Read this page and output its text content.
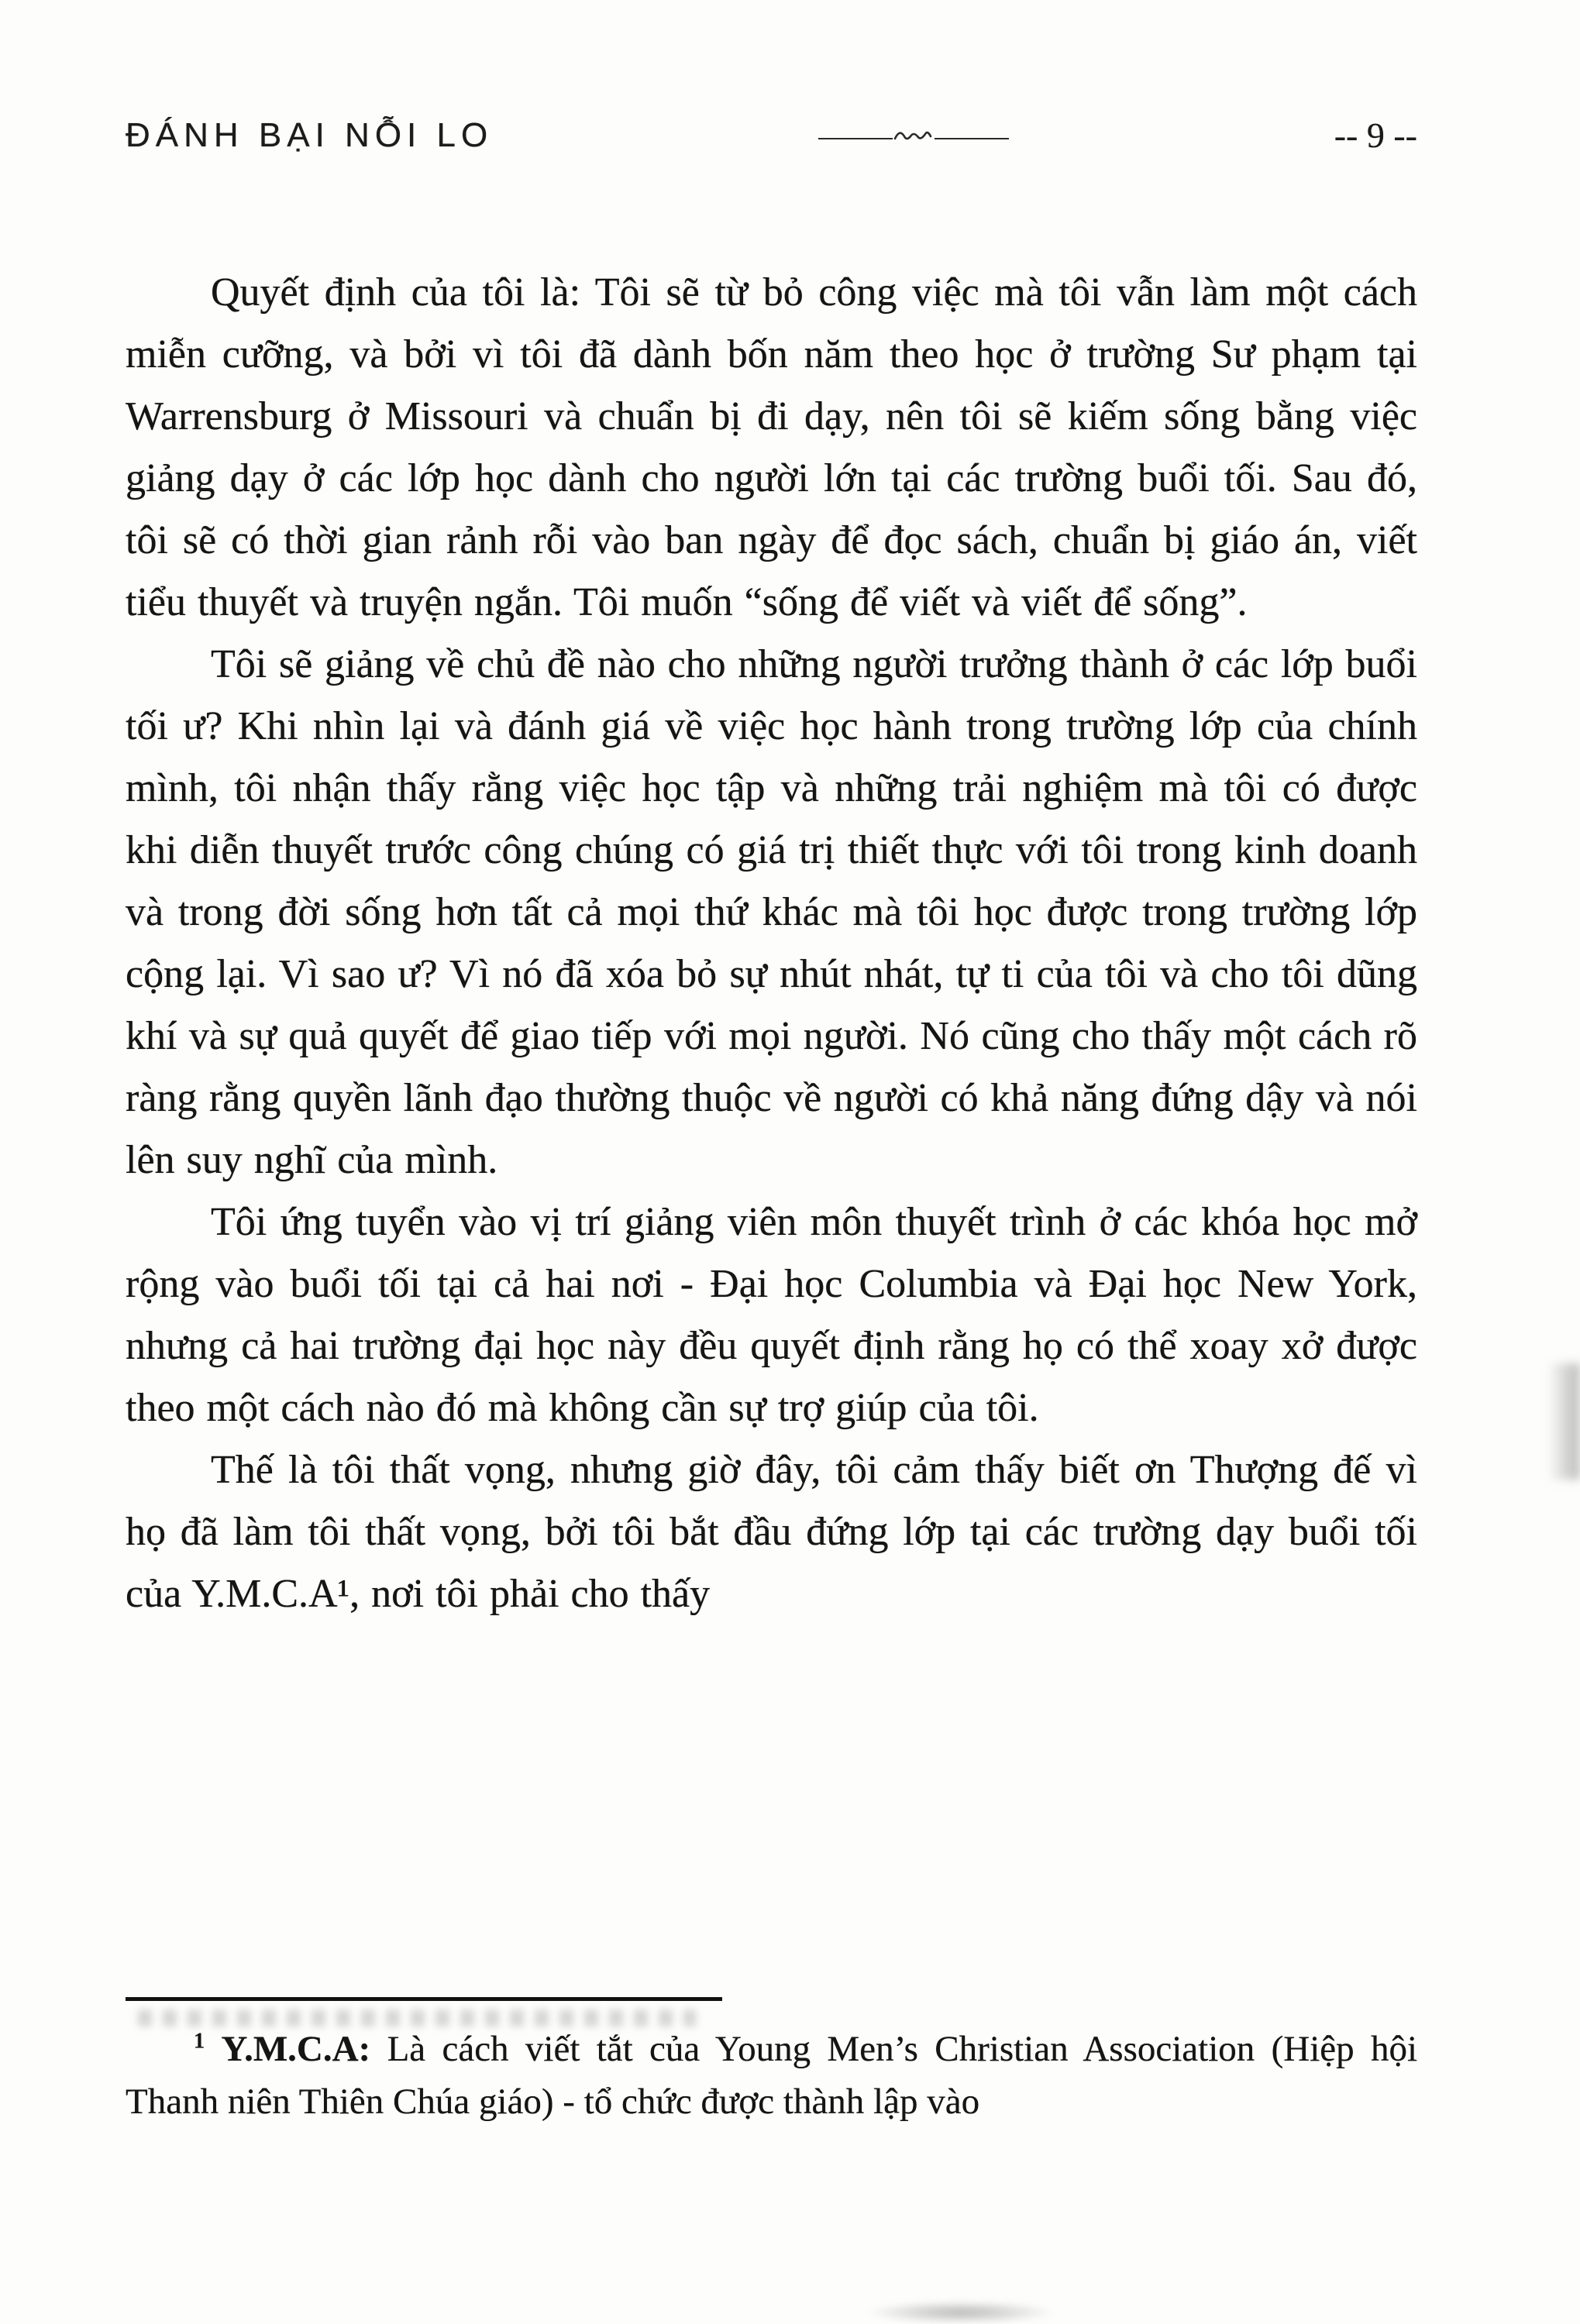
ĐÁNH BẠI NỖI LO	-- 9 --

Quyết định của tôi là: Tôi sẽ từ bỏ công việc mà tôi vẫn làm một cách miễn cưỡng, và bởi vì tôi đã dành bốn năm theo học ở trường Sư phạm tại Warrensburg ở Missouri và chuẩn bị đi dạy, nên tôi sẽ kiếm sống bằng việc giảng dạy ở các lớp học dành cho người lớn tại các trường buổi tối. Sau đó, tôi sẽ có thời gian rảnh rỗi vào ban ngày để đọc sách, chuẩn bị giáo án, viết tiểu thuyết và truyện ngắn. Tôi muốn “sống để viết và viết để sống”.

Tôi sẽ giảng về chủ đề nào cho những người trưởng thành ở các lớp buổi tối ư? Khi nhìn lại và đánh giá về việc học hành trong trường lớp của chính mình, tôi nhận thấy rằng việc học tập và những trải nghiệm mà tôi có được khi diễn thuyết trước công chúng có giá trị thiết thực với tôi trong kinh doanh và trong đời sống hơn tất cả mọi thứ khác mà tôi học được trong trường lớp cộng lại. Vì sao ư? Vì nó đã xóa bỏ sự nhút nhát, tự ti của tôi và cho tôi dũng khí và sự quả quyết để giao tiếp với mọi người. Nó cũng cho thấy một cách rõ ràng rằng quyền lãnh đạo thường thuộc về người có khả năng đứng dậy và nói lên suy nghĩ của mình.

Tôi ứng tuyển vào vị trí giảng viên môn thuyết trình ở các khóa học mở rộng vào buổi tối tại cả hai nơi - Đại học Columbia và Đại học New York, nhưng cả hai trường đại học này đều quyết định rằng họ có thể xoay xở được theo một cách nào đó mà không cần sự trợ giúp của tôi.

Thế là tôi thất vọng, nhưng giờ đây, tôi cảm thấy biết ơn Thượng đế vì họ đã làm tôi thất vọng, bởi tôi bắt đầu đứng lớp tại các trường dạy buổi tối của Y.M.C.A¹, nơi tôi phải cho thấy

$^1$ Y.M.C.A: Là cách viết tắt của Young Men’s Christian Association (Hiệp hội Thanh niên Thiên Chúa giáo) - tổ chức được thành lập vào
